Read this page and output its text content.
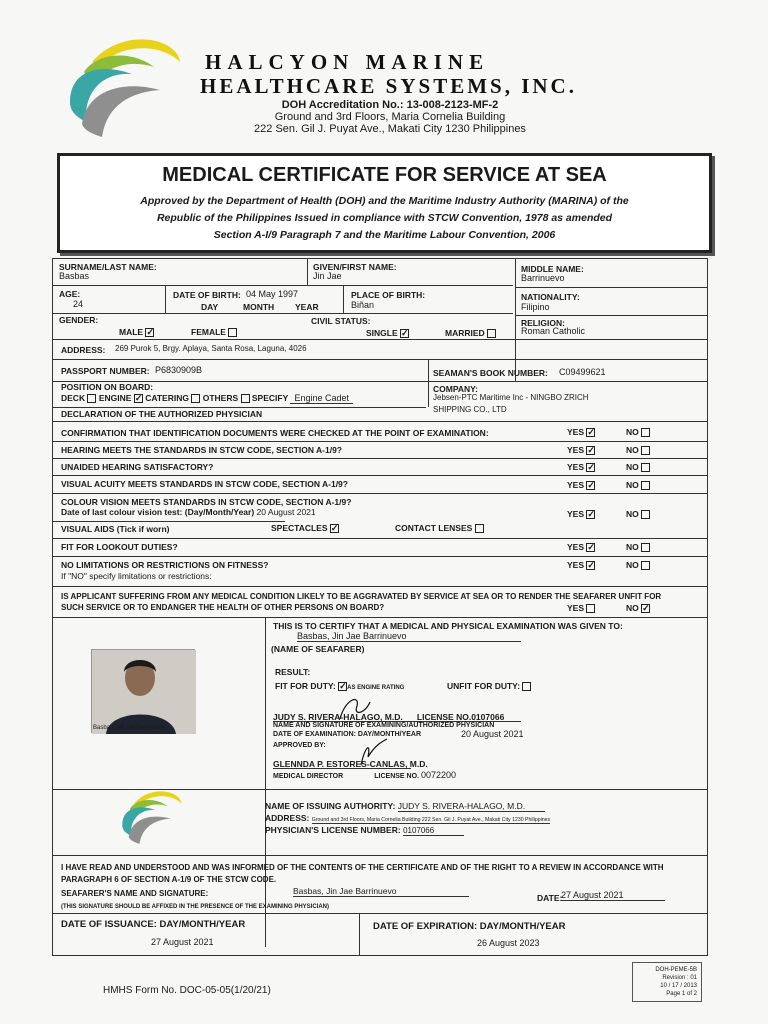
HALCYON MARINE
HEALTHCARE SYSTEMS, INC.
DOH Accreditation No.: 13-008-2123-MF-2
Ground and 3rd Floors, Maria Cornelia Building
222 Sen. Gil J. Puyat Ave., Makati City 1230 Philippines
MEDICAL CERTIFICATE FOR SERVICE AT SEA
Approved by the Department of Health (DOH) and the Maritime Industry Authority (MARINA) of the
Republic of the Philippines Issued in compliance with STCW Convention, 1978 as amended
Section A-I/9 Paragraph 7 and the Maritime Labour Convention, 2006
SURNAME/LAST NAME:
Basbas
GIVEN/FIRST NAME:
Jin Jae
MIDDLE NAME:
Barrinuevo
AGE:
24
DATE OF BIRTH: 04 May 1997
DAY	MONTH YEAR
PLACE OF BIRTH:
Biñan
NATIONALITY:
Filipino
GENDER:
MALE ✓	FEMALE
CIVIL STATUS:
SINGLE ✓	MARRIED
RELIGION:
Roman Catholic
ADDRESS: 269 Purok 5, Brgy. Aplaya, Santa Rosa, Laguna, 4026
PASSPORT NUMBER: P6830909B	SEAMAN'S BOOK NUMBER: C09499621
POSITION ON BOARD:
DECK ENGINE ✓ CATERING OTHERS SPECIFY Engine Cadet
COMPANY:
Jebsen-PTC Maritime Inc - NINGBO ZRICH
SHIPPING CO., LTD
DECLARATION OF THE AUTHORIZED PHYSICIAN
CONFIRMATION THAT IDENTIFICATION DOCUMENTS WERE CHECKED AT THE POINT OF EXAMINATION:	YES ✓	NO
HEARING MEETS THE STANDARDS IN STCW CODE, SECTION A-1/9?	YES ✓	NO
UNAIDED HEARING SATISFACTORY?	YES ✓	NO
VISUAL ACUITY MEETS STANDARDS IN STCW CODE, SECTION A-1/9?	YES ✓	NO
COLOUR VISION MEETS STANDARDS IN STCW CODE, SECTION A-1/9?
Date of last colour vision test: (Day/Month/Year) 20 August 2021	YES ✓	NO
VISUAL AIDS (Tick if worn)	SPECTACLES ✓	CONTACT LENSES
FIT FOR LOOKOUT DUTIES?	YES ✓	NO
NO LIMITATIONS OR RESTRICTIONS ON FITNESS?
If "NO" specify limitations or restrictions:
YES ✓	NO
IS APPLICANT SUFFERING FROM ANY MEDICAL CONDITION LIKELY TO BE AGGRAVATED BY SERVICE AT SEA OR TO RENDER THE SEAFARER UNFIT FOR
SUCH SERVICE OR TO ENDANGER THE HEALTH OF OTHER PERSONS ON BOARD?	YES	NO ✓
Basbas, Jin Jae Barrinuevo
THIS IS TO CERTIFY THAT A MEDICAL AND PHYSICAL EXAMINATION WAS GIVEN TO:
Basbas, Jin Jae Barrinuevo
(NAME OF SEAFARER)
RESULT:
FIT FOR DUTY: ✓AS ENGINE RATING	UNFIT FOR DUTY:
JUDY S. RIVERA-HALAGO, M.D. LICENSE NO.0107066
NAME AND SIGNATURE OF EXAMINING/AUTHORIZED PHYSICIAN
DATE OF EXAMINATION: DAY/MONTH/YEAR	20 August 2021
APPROVED BY:
GLENNDA P. ESTORES-CANLAS, M.D.
MEDICAL DIRECTOR	LICENSE NO. 0072200
NAME OF ISSUING AUTHORITY: JUDY S. RIVERA-HALAGO, M.D.
ADDRESS: Ground and 3rd Floors, Maria Cornelia Building 222 Sen. Gil J. Puyat Ave., Makati City 1230 Philippines
PHYSICIAN'S LICENSE NUMBER: 0107066
I HAVE READ AND UNDERSTOOD AND WAS INFORMED OF THE CONTENTS OF THE CERTIFICATE AND OF THE RIGHT TO A REVIEW IN ACCORDANCE WITH
PARAGRAPH 6 OF SECTION A-1/9 OF THE STCW CODE.
SEAFARER'S NAME AND SIGNATURE:	Basbas, Jin Jae Barrinuevo
DATE:
27 August 2021
(THIS SIGNATURE SHOULD BE AFFIXED IN THE PRESENCE OF THE EXAMINING PHYSICIAN)
DATE OF ISSUANCE: DAY/MONTH/YEAR
27 August 2021
DATE OF EXPIRATION: DAY/MONTH/YEAR
26 August 2023
HMHS Form No. DOC-05-05(1/20/21)
DOH-PEME-5B
Revision : 01
10 / 17 / 2013
Page 1 of 2
